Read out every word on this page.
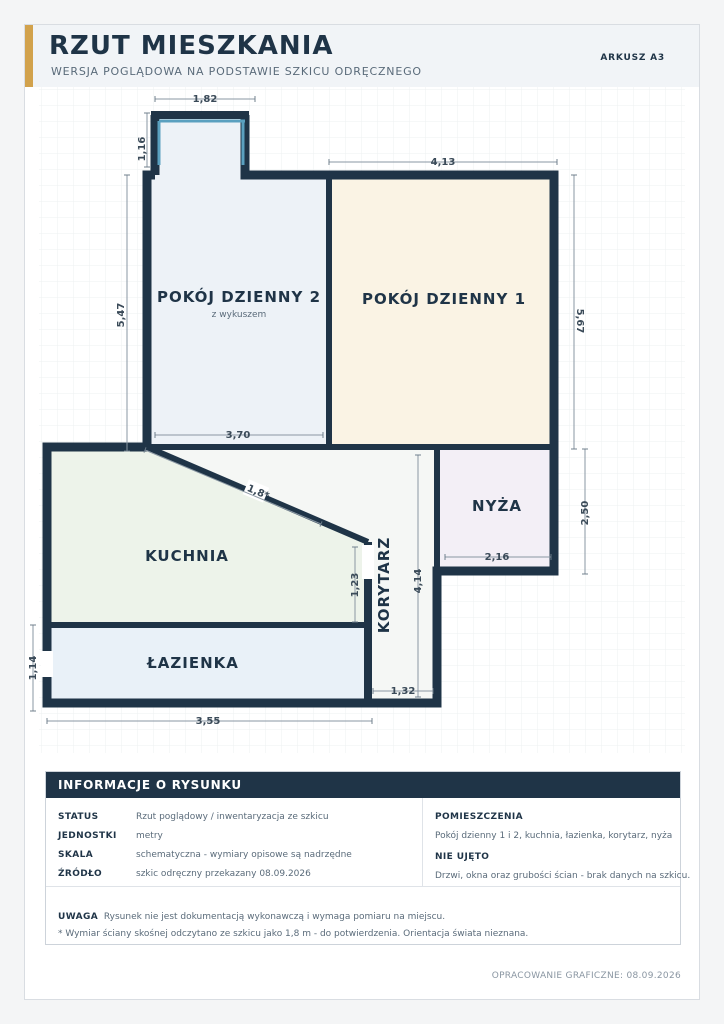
RZUT MIESZKANIA
WERSJA POGLĄDOWA NA PODSTAWIE SZKICU ODRĘCZNEGO
ARKUSZ A3
POKÓJ DZIENNY 2
z wykuszem
POKÓJ DZIENNY 1
NYŻA
KUCHNIA
ŁAZIENKA
KORYTARZ
1,82
1,16
4,13
5,67
5,47
3,70
1,8*
2,50
2,16
4,14
1,23
1,32
1,14
3,55
INFORMACJE O RYSUNKU
STATUS	Rzut poglądowy / inwentaryzacja ze szkicu
JEDNOSTKI	metry
SKALA	schematyczna - wymiary opisowe są nadrzędne
ŹRÓDŁO	szkic odręczny przekazany 08.09.2026
POMIESZCZENIA
Pokój dzienny 1 i 2, kuchnia, łazienka, korytarz, nyża
NIE UJĘTO
Drzwi, okna oraz grubości ścian - brak danych na szkicu.
UWAGA Rysunek nie jest dokumentacją wykonawczą i wymaga pomiaru na miejscu.
* Wymiar ściany skośnej odczytano ze szkicu jako 1,8 m - do potwierdzenia. Orientacja świata nieznana.
OPRACOWANIE GRAFICZNE: 08.09.2026
